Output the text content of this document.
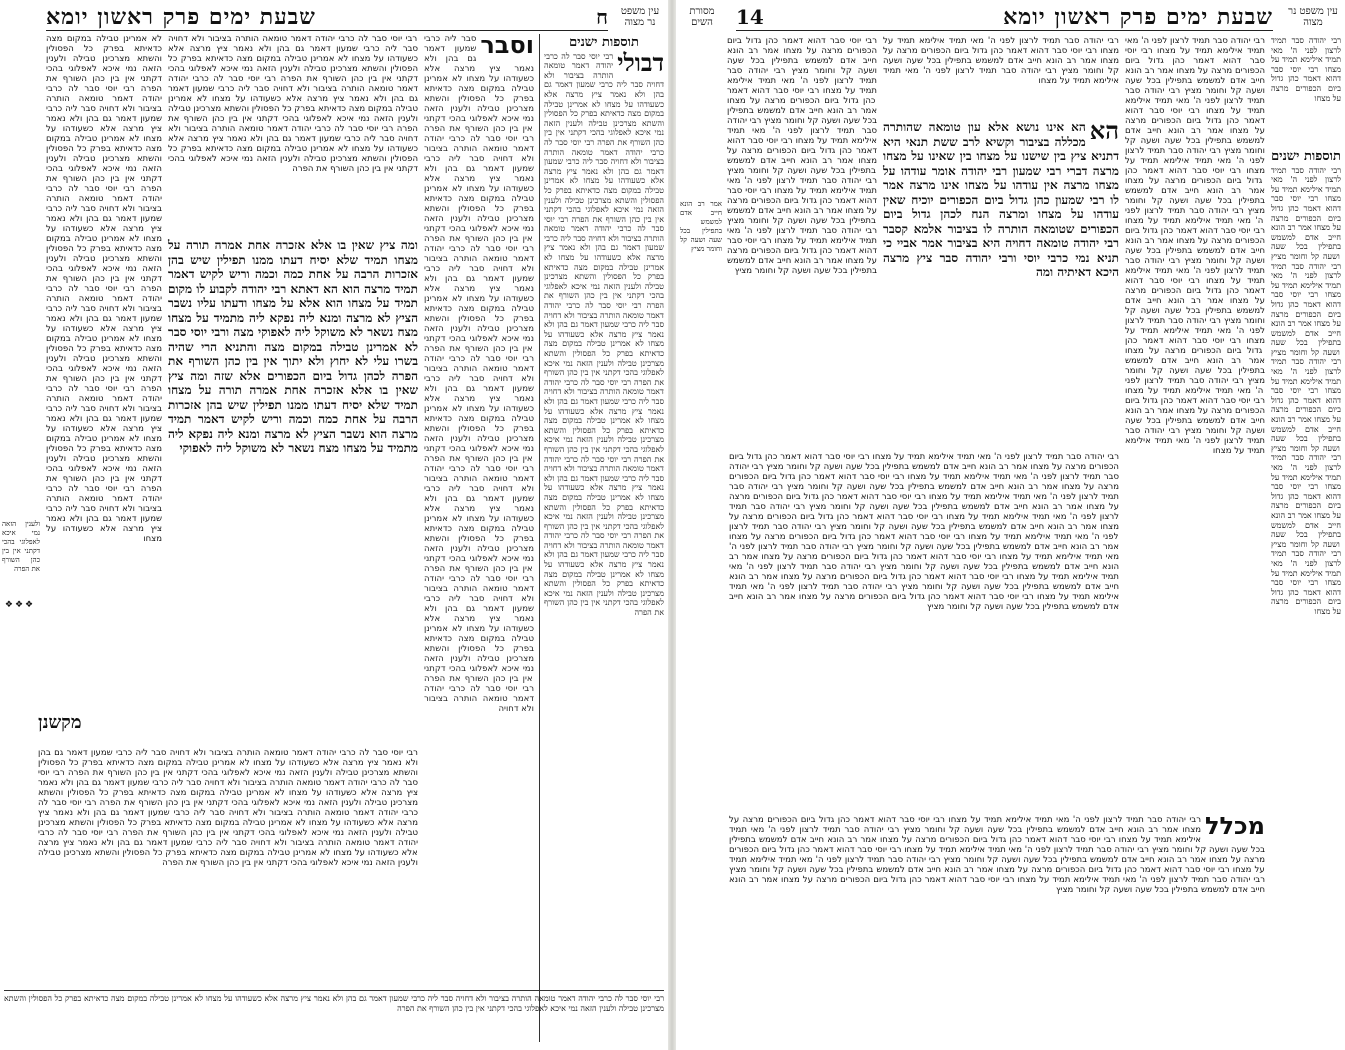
עין משפט נר מצוה
ח
שבעת ימים פרק ראשון יומא
תוספות ישנים
דבולי
רבי יוסי סבר לה כרבי יהודה דאמר טומאה הותרה בציבור ולא דחויה סבר ליה כרבי שמעון דאמר גם בהן ולא נאמר ציץ מרצה אלא כשעודהו על מצחו לא אמרינן טבילה במקום מצה כדאיתא בפרק כל הפסולין והשתא מצרכינן טבילה ולענין הזאה נמי איכא לאפלוגי בהכי דקתני אין בין כהן השורף את הפרה רבי יוסי סבר לה כרבי יהודה דאמר טומאה הותרה בציבור ולא דחויה סבר ליה כרבי שמעון דאמר גם בהן ולא נאמר ציץ מרצה אלא כשעודהו על מצחו לא אמרינן טבילה במקום מצה כדאיתא בפרק כל הפסולין והשתא מצרכינן טבילה ולענין הזאה נמי איכא לאפלוגי בהכי דקתני אין בין כהן השורף את הפרה רבי יוסי סבר לה כרבי יהודה דאמר טומאה הותרה בציבור ולא דחויה סבר ליה כרבי שמעון דאמר גם בהן ולא נאמר ציץ מרצה אלא כשעודהו על מצחו לא אמרינן טבילה במקום מצה כדאיתא בפרק כל הפסולין והשתא מצרכינן טבילה ולענין הזאה נמי איכא לאפלוגי בהכי דקתני אין בין כהן השורף את הפרה רבי יוסי סבר לה כרבי יהודה דאמר טומאה הותרה בציבור ולא דחויה סבר ליה כרבי שמעון דאמר גם בהן ולא נאמר ציץ מרצה אלא כשעודהו על מצחו לא אמרינן טבילה במקום מצה כדאיתא בפרק כל הפסולין והשתא מצרכינן טבילה ולענין הזאה נמי איכא לאפלוגי בהכי דקתני אין בין כהן השורף את הפרה רבי יוסי סבר לה כרבי יהודה דאמר טומאה הותרה בציבור ולא דחויה סבר ליה כרבי שמעון דאמר גם בהן ולא נאמר ציץ מרצה אלא כשעודהו על מצחו לא אמרינן טבילה במקום מצה כדאיתא בפרק כל הפסולין והשתא מצרכינן טבילה ולענין הזאה נמי איכא לאפלוגי בהכי דקתני אין בין כהן השורף את הפרה רבי יוסי סבר לה כרבי יהודה דאמר טומאה הותרה בציבור ולא דחויה סבר ליה כרבי שמעון דאמר גם בהן ולא נאמר ציץ מרצה אלא כשעודהו על מצחו לא אמרינן טבילה במקום מצה כדאיתא בפרק כל הפסולין והשתא מצרכינן טבילה ולענין הזאה נמי איכא לאפלוגי בהכי דקתני אין בין כהן השורף את הפרה רבי יוסי סבר לה כרבי יהודה דאמר טומאה הותרה בציבור ולא דחויה סבר ליה כרבי שמעון דאמר גם בהן ולא נאמר ציץ מרצה אלא כשעודהו על מצחו לא אמרינן טבילה במקום מצה כדאיתא בפרק כל הפסולין והשתא מצרכינן טבילה ולענין הזאה נמי איכא לאפלוגי בהכי דקתני אין בין כהן השורף את הפרה
וסבר
סבר ליה כרבי שמעון דאמר גם בהן ולא נאמר ציץ מרצה אלא כשעודהו על מצחו לא אמרינן טבילה במקום מצה כדאיתא בפרק כל הפסולין והשתא מצרכינן טבילה ולענין הזאה נמי איכא לאפלוגי בהכי דקתני אין בין כהן השורף את הפרה רבי יוסי סבר לה כרבי יהודה דאמר טומאה הותרה בציבור ולא דחויה סבר ליה כרבי שמעון דאמר גם בהן ולא נאמר ציץ מרצה אלא כשעודהו על מצחו לא אמרינן טבילה במקום מצה כדאיתא בפרק כל הפסולין והשתא מצרכינן טבילה ולענין הזאה נמי איכא לאפלוגי בהכי דקתני אין בין כהן השורף את הפרה רבי יוסי סבר לה כרבי יהודה דאמר טומאה הותרה בציבור ולא דחויה סבר ליה כרבי שמעון דאמר גם בהן ולא נאמר ציץ מרצה אלא כשעודהו על מצחו לא אמרינן טבילה במקום מצה כדאיתא בפרק כל הפסולין והשתא מצרכינן טבילה ולענין הזאה נמי איכא לאפלוגי בהכי דקתני אין בין כהן השורף את הפרה רבי יוסי סבר לה כרבי יהודה דאמר טומאה הותרה בציבור ולא דחויה סבר ליה כרבי שמעון דאמר גם בהן ולא נאמר ציץ מרצה אלא כשעודהו על מצחו לא אמרינן טבילה במקום מצה כדאיתא בפרק כל הפסולין והשתא מצרכינן טבילה ולענין הזאה נמי איכא לאפלוגי בהכי דקתני אין בין כהן השורף את הפרה רבי יוסי סבר לה כרבי יהודה דאמר טומאה הותרה בציבור ולא דחויה סבר ליה כרבי שמעון דאמר גם בהן ולא נאמר ציץ מרצה אלא כשעודהו על מצחו לא אמרינן טבילה במקום מצה כדאיתא בפרק כל הפסולין והשתא מצרכינן טבילה ולענין הזאה נמי איכא לאפלוגי בהכי דקתני אין בין כהן השורף את הפרה רבי יוסי סבר לה כרבי יהודה דאמר טומאה הותרה בציבור ולא דחויה סבר ליה כרבי שמעון דאמר גם בהן ולא נאמר ציץ מרצה אלא כשעודהו על מצחו לא אמרינן טבילה במקום מצה כדאיתא בפרק כל הפסולין והשתא מצרכינן טבילה ולענין הזאה נמי איכא לאפלוגי בהכי דקתני אין בין כהן השורף את הפרה רבי יוסי סבר לה כרבי יהודה דאמר טומאה הותרה בציבור ולא דחויה
ומה ציץ שאין בו אלא אזכרה אחת אמרה תורה על מצחו תמיד שלא יסיח דעתו ממנו תפילין שיש בהן אזכרות הרבה על אחת כמה וכמה וריש לקיש דאמר תמיד מרצה הוא הא דאתא רבי יהודה לקבוע לו מקום תמיד על מצחו הוא אלא על מצחו ודעתו עליו נשבר הציץ לא מרצה ומנא ליה נפקא ליה מתמיד על מצחו מצח נשאר לא משוקל ליה לאפוקי מצה ורבי יוסי סבר לא אמרינן טבילה במקום מצה והתניא הרי שהיה בשרו עלי לא יחוץ ולא יתוך אין בין כהן השורף את הפרה לכהן גדול ביום הכפורים אלא שזה ומה ציץ שאין בו אלא אזכרה אחת אמרה תורה על מצחו תמיד שלא יסיח דעתו ממנו תפילין שיש בהן אזכרות הרבה על אחת כמה וכמה וריש לקיש דאמר תמיד מרצה הוא נשבר הציץ לא מרצה ומנא ליה נפקא ליה מתמיד על מצחו מצח נשאר לא משוקל ליה לאפוקי
רבי יוסי סבר לה כרבי יהודה דאמר טומאה הותרה בציבור ולא דחויה סבר ליה כרבי שמעון דאמר גם בהן ולא נאמר ציץ מרצה אלא כשעודהו על מצחו לא אמרינן טבילה במקום מצה כדאיתא בפרק כל הפסולין והשתא מצרכינן טבילה ולענין הזאה נמי איכא לאפלוגי בהכי דקתני אין בין כהן השורף את הפרה רבי יוסי סבר לה כרבי יהודה דאמר טומאה הותרה בציבור ולא דחויה סבר ליה כרבי שמעון דאמר גם בהן ולא נאמר ציץ מרצה אלא כשעודהו על מצחו לא אמרינן טבילה במקום מצה כדאיתא בפרק כל הפסולין והשתא מצרכינן טבילה ולענין הזאה נמי איכא לאפלוגי בהכי דקתני אין בין כהן השורף את הפרה רבי יוסי סבר לה כרבי יהודה דאמר טומאה הותרה בציבור ולא דחויה סבר ליה כרבי שמעון דאמר גם בהן ולא נאמר ציץ מרצה אלא כשעודהו על מצחו לא אמרינן טבילה במקום מצה כדאיתא בפרק כל הפסולין והשתא מצרכינן טבילה ולענין הזאה נמי איכא לאפלוגי בהכי דקתני אין בין כהן השורף את הפרה
לא אמרינן טבילה במקום מצה כדאיתא בפרק כל הפסולין והשתא מצרכינן טבילה ולענין הזאה נמי איכא לאפלוגי בהכי דקתני אין בין כהן השורף את הפרה רבי יוסי סבר לה כרבי יהודה דאמר טומאה הותרה בציבור ולא דחויה סבר ליה כרבי שמעון דאמר גם בהן ולא נאמר ציץ מרצה אלא כשעודהו על מצחו לא אמרינן טבילה במקום מצה כדאיתא בפרק כל הפסולין והשתא מצרכינן טבילה ולענין הזאה נמי איכא לאפלוגי בהכי דקתני אין בין כהן השורף את הפרה רבי יוסי סבר לה כרבי יהודה דאמר טומאה הותרה בציבור ולא דחויה סבר ליה כרבי שמעון דאמר גם בהן ולא נאמר ציץ מרצה אלא כשעודהו על מצחו לא אמרינן טבילה במקום מצה כדאיתא בפרק כל הפסולין והשתא מצרכינן טבילה ולענין הזאה נמי איכא לאפלוגי בהכי דקתני אין בין כהן השורף את הפרה רבי יוסי סבר לה כרבי יהודה דאמר טומאה הותרה בציבור ולא דחויה סבר ליה כרבי שמעון דאמר גם בהן ולא נאמר ציץ מרצה אלא כשעודהו על מצחו לא אמרינן טבילה במקום מצה כדאיתא בפרק כל הפסולין והשתא מצרכינן טבילה ולענין הזאה נמי איכא לאפלוגי בהכי דקתני אין בין כהן השורף את הפרה רבי יוסי סבר לה כרבי יהודה דאמר טומאה הותרה בציבור ולא דחויה סבר ליה כרבי שמעון דאמר גם בהן ולא נאמר ציץ מרצה אלא כשעודהו על מצחו לא אמרינן טבילה במקום מצה כדאיתא בפרק כל הפסולין והשתא מצרכינן טבילה ולענין הזאה נמי איכא לאפלוגי בהכי דקתני אין בין כהן השורף את הפרה רבי יוסי סבר לה כרבי יהודה דאמר טומאה הותרה בציבור ולא דחויה סבר ליה כרבי שמעון דאמר גם בהן ולא נאמר ציץ מרצה אלא כשעודהו על מצחו
ולענין הזאה נמי איכא לאפלוגי בהכי דקתני אין בין כהן השורף את הפרה
❖❖❖
מקשנן
רבי יוסי סבר לה כרבי יהודה דאמר טומאה הותרה בציבור ולא דחויה סבר ליה כרבי שמעון דאמר גם בהן ולא נאמר ציץ מרצה אלא כשעודהו על מצחו לא אמרינן טבילה במקום מצה כדאיתא בפרק כל הפסולין והשתא מצרכינן טבילה ולענין הזאה נמי איכא לאפלוגי בהכי דקתני אין בין כהן השורף את הפרה רבי יוסי סבר לה כרבי יהודה דאמר טומאה הותרה בציבור ולא דחויה סבר ליה כרבי שמעון דאמר גם בהן ולא נאמר ציץ מרצה אלא כשעודהו על מצחו לא אמרינן טבילה במקום מצה כדאיתא בפרק כל הפסולין והשתא מצרכינן טבילה ולענין הזאה נמי איכא לאפלוגי בהכי דקתני אין בין כהן השורף את הפרה רבי יוסי סבר לה כרבי יהודה דאמר טומאה הותרה בציבור ולא דחויה סבר ליה כרבי שמעון דאמר גם בהן ולא נאמר ציץ מרצה אלא כשעודהו על מצחו לא אמרינן טבילה במקום מצה כדאיתא בפרק כל הפסולין והשתא מצרכינן טבילה ולענין הזאה נמי איכא לאפלוגי בהכי דקתני אין בין כהן השורף את הפרה רבי יוסי סבר לה כרבי יהודה דאמר טומאה הותרה בציבור ולא דחויה סבר ליה כרבי שמעון דאמר גם בהן ולא נאמר ציץ מרצה אלא כשעודהו על מצחו לא אמרינן טבילה במקום מצה כדאיתא בפרק כל הפסולין והשתא מצרכינן טבילה ולענין הזאה נמי איכא לאפלוגי בהכי דקתני אין בין כהן השורף את הפרה
רבי יוסי סבר לה כרבי יהודה דאמר טומאה הותרה בציבור ולא דחויה סבר ליה כרבי שמעון דאמר גם בהן ולא נאמר ציץ מרצה אלא כשעודהו על מצחו לא אמרינן טבילה במקום מצה כדאיתא בפרק כל הפסולין והשתא מצרכינן טבילה ולענין הזאה נמי איכא לאפלוגי בהכי דקתני אין בין כהן השורף את הפרה
עין משפט נר מצוה
מסורת השים	שבעת ימים פרק ראשון יומא
14
רבי יהודה סבר תמיד לרצון לפני ה' מאי תמיד אילימא תמיד על מצחו רבי יוסי סבר דהוא דאמר כהן גדול ביום הכפורים מרצה על מצחו
תוספות ישנים
רבי יהודה סבר תמיד לרצון לפני ה' מאי תמיד אילימא תמיד על מצחו רבי יוסי סבר דהוא דאמר כהן גדול ביום הכפורים מרצה על מצחו אמר רב הונא חייב אדם למשמש בתפילין בכל שעה ושעה קל וחומר מציץ רבי יהודה סבר תמיד לרצון לפני ה' מאי תמיד אילימא תמיד על מצחו רבי יוסי סבר דהוא דאמר כהן גדול ביום הכפורים מרצה על מצחו אמר רב הונא חייב אדם למשמש בתפילין בכל שעה ושעה קל וחומר מציץ רבי יהודה סבר תמיד לרצון לפני ה' מאי תמיד אילימא תמיד על מצחו רבי יוסי סבר דהוא דאמר כהן גדול ביום הכפורים מרצה על מצחו אמר רב הונא חייב אדם למשמש בתפילין בכל שעה ושעה קל וחומר מציץ רבי יהודה סבר תמיד לרצון לפני ה' מאי תמיד אילימא תמיד על מצחו רבי יוסי סבר דהוא דאמר כהן גדול ביום הכפורים מרצה על מצחו אמר רב הונא חייב אדם למשמש בתפילין בכל שעה ושעה קל וחומר מציץ רבי יהודה סבר תמיד לרצון לפני ה' מאי תמיד אילימא תמיד על מצחו רבי יוסי סבר דהוא דאמר כהן גדול ביום הכפורים מרצה על מצחו
רבי יהודה סבר תמיד לרצון לפני ה' מאי תמיד אילימא תמיד על מצחו רבי יוסי סבר דהוא דאמר כהן גדול ביום הכפורים מרצה על מצחו אמר רב הונא חייב אדם למשמש בתפילין בכל שעה ושעה קל וחומר מציץ רבי יהודה סבר תמיד לרצון לפני ה' מאי תמיד אילימא תמיד על מצחו רבי יוסי סבר דהוא דאמר כהן גדול ביום הכפורים מרצה על מצחו אמר רב הונא חייב אדם למשמש בתפילין בכל שעה ושעה קל וחומר מציץ רבי יהודה סבר תמיד לרצון לפני ה' מאי תמיד אילימא תמיד על מצחו רבי יוסי סבר דהוא דאמר כהן גדול ביום הכפורים מרצה על מצחו אמר רב הונא חייב אדם למשמש בתפילין בכל שעה ושעה קל וחומר מציץ רבי יהודה סבר תמיד לרצון לפני ה' מאי תמיד אילימא תמיד על מצחו רבי יוסי סבר דהוא דאמר כהן גדול ביום הכפורים מרצה על מצחו אמר רב הונא חייב אדם למשמש בתפילין בכל שעה ושעה קל וחומר מציץ רבי יהודה סבר תמיד לרצון לפני ה' מאי תמיד אילימא תמיד על מצחו רבי יוסי סבר דהוא דאמר כהן גדול ביום הכפורים מרצה על מצחו אמר רב הונא חייב אדם למשמש בתפילין בכל שעה ושעה קל וחומר מציץ רבי יהודה סבר תמיד לרצון לפני ה' מאי תמיד אילימא תמיד על מצחו רבי יוסי סבר דהוא דאמר כהן גדול ביום הכפורים מרצה על מצחו אמר רב הונא חייב אדם למשמש בתפילין בכל שעה ושעה קל וחומר מציץ רבי יהודה סבר תמיד לרצון לפני ה' מאי תמיד אילימא תמיד על מצחו רבי יוסי סבר דהוא דאמר כהן גדול ביום הכפורים מרצה על מצחו אמר רב הונא חייב אדם למשמש בתפילין בכל שעה ושעה קל וחומר מציץ רבי יהודה סבר תמיד לרצון לפני ה' מאי תמיד אילימא תמיד על מצחו
הא
הא אינו נושא אלא עון טומאה שהותרה מכללה בציבור וקשיא לרב ששת תנאי היא דתניא ציץ בין שישנו על מצחו בין שאינו על מצחו מרצה דברי רבי שמעון רבי יהודה אומר עודהו על מצחו מרצה אין עודהו על מצחו אינו מרצה אמר לו רבי שמעון כהן גדול ביום הכפורים יוכיח שאין עודהו על מצחו ומרצה הנח לכהן גדול ביום הכפורים שטומאה הותרה לו בציבור אלמא קסבר רבי יהודה טומאה דחויה היא בציבור אמר אביי כי תניא נמי כרבי יוסי ורבי יהודה סבר ציץ מרצה היכא דאיתיה ומה
רבי יהודה סבר תמיד לרצון לפני ה' מאי תמיד אילימא תמיד על מצחו רבי יוסי סבר דהוא דאמר כהן גדול ביום הכפורים מרצה על מצחו אמר רב הונא חייב אדם למשמש בתפילין בכל שעה ושעה קל וחומר מציץ רבי יהודה סבר תמיד לרצון לפני ה' מאי תמיד אילימא תמיד על מצחו
רבי יוסי סבר דהוא דאמר כהן גדול ביום הכפורים מרצה על מצחו אמר רב הונא חייב אדם למשמש בתפילין בכל שעה ושעה קל וחומר מציץ רבי יהודה סבר תמיד לרצון לפני ה' מאי תמיד אילימא תמיד על מצחו רבי יוסי סבר דהוא דאמר כהן גדול ביום הכפורים מרצה על מצחו אמר רב הונא חייב אדם למשמש בתפילין בכל שעה ושעה קל וחומר מציץ רבי יהודה סבר תמיד לרצון לפני ה' מאי תמיד אילימא תמיד על מצחו רבי יוסי סבר דהוא דאמר כהן גדול ביום הכפורים מרצה על מצחו אמר רב הונא חייב אדם למשמש בתפילין בכל שעה ושעה קל וחומר מציץ רבי יהודה סבר תמיד לרצון לפני ה' מאי תמיד אילימא תמיד על מצחו רבי יוסי סבר דהוא דאמר כהן גדול ביום הכפורים מרצה על מצחו אמר רב הונא חייב אדם למשמש בתפילין בכל שעה ושעה קל וחומר מציץ רבי יהודה סבר תמיד לרצון לפני ה' מאי תמיד אילימא תמיד על מצחו רבי יוסי סבר דהוא דאמר כהן גדול ביום הכפורים מרצה על מצחו אמר רב הונא חייב אדם למשמש בתפילין בכל שעה ושעה קל וחומר מציץ
אמר רב הונא חייב אדם למשמש בתפילין בכל שעה ושעה קל וחומר מציץ
רבי יהודה סבר תמיד לרצון לפני ה' מאי תמיד אילימא תמיד על מצחו רבי יוסי סבר דהוא דאמר כהן גדול ביום הכפורים מרצה על מצחו אמר רב הונא חייב אדם למשמש בתפילין בכל שעה ושעה קל וחומר מציץ רבי יהודה סבר תמיד לרצון לפני ה' מאי תמיד אילימא תמיד על מצחו רבי יוסי סבר דהוא דאמר כהן גדול ביום הכפורים מרצה על מצחו אמר רב הונא חייב אדם למשמש בתפילין בכל שעה ושעה קל וחומר מציץ רבי יהודה סבר תמיד לרצון לפני ה' מאי תמיד אילימא תמיד על מצחו רבי יוסי סבר דהוא דאמר כהן גדול ביום הכפורים מרצה על מצחו אמר רב הונא חייב אדם למשמש בתפילין בכל שעה ושעה קל וחומר מציץ רבי יהודה סבר תמיד לרצון לפני ה' מאי תמיד אילימא תמיד על מצחו רבי יוסי סבר דהוא דאמר כהן גדול ביום הכפורים מרצה על מצחו אמר רב הונא חייב אדם למשמש בתפילין בכל שעה ושעה קל וחומר מציץ רבי יהודה סבר תמיד לרצון לפני ה' מאי תמיד אילימא תמיד על מצחו רבי יוסי סבר דהוא דאמר כהן גדול ביום הכפורים מרצה על מצחו אמר רב הונא חייב אדם למשמש בתפילין בכל שעה ושעה קל וחומר מציץ רבי יהודה סבר תמיד לרצון לפני ה' מאי תמיד אילימא תמיד על מצחו רבי יוסי סבר דהוא דאמר כהן גדול ביום הכפורים מרצה על מצחו אמר רב הונא חייב אדם למשמש בתפילין בכל שעה ושעה קל וחומר מציץ רבי יהודה סבר תמיד לרצון לפני ה' מאי תמיד אילימא תמיד על מצחו רבי יוסי סבר דהוא דאמר כהן גדול ביום הכפורים מרצה על מצחו אמר רב הונא חייב אדם למשמש בתפילין בכל שעה ושעה קל וחומר מציץ רבי יהודה סבר תמיד לרצון לפני ה' מאי תמיד אילימא תמיד על מצחו רבי יוסי סבר דהוא דאמר כהן גדול ביום הכפורים מרצה על מצחו אמר רב הונא חייב אדם למשמש בתפילין בכל שעה ושעה קל וחומר מציץ
מכלל
רבי יהודה סבר תמיד לרצון לפני ה' מאי תמיד אילימא תמיד על מצחו רבי יוסי סבר דהוא דאמר כהן גדול ביום הכפורים מרצה על מצחו אמר רב הונא חייב אדם למשמש בתפילין בכל שעה ושעה קל וחומר מציץ רבי יהודה סבר תמיד לרצון לפני ה' מאי תמיד אילימא תמיד על מצחו רבי יוסי סבר דהוא דאמר כהן גדול ביום הכפורים מרצה על מצחו אמר רב הונא חייב אדם למשמש בתפילין בכל שעה ושעה קל וחומר מציץ רבי יהודה סבר תמיד לרצון לפני ה' מאי תמיד אילימא תמיד על מצחו רבי יוסי סבר דהוא דאמר כהן גדול ביום הכפורים מרצה על מצחו אמר רב הונא חייב אדם למשמש בתפילין בכל שעה ושעה קל וחומר מציץ רבי יהודה סבר תמיד לרצון לפני ה' מאי תמיד אילימא תמיד על מצחו רבי יוסי סבר דהוא דאמר כהן גדול ביום הכפורים מרצה על מצחו אמר רב הונא חייב אדם למשמש בתפילין בכל שעה ושעה קל וחומר מציץ רבי יהודה סבר תמיד לרצון לפני ה' מאי תמיד אילימא תמיד על מצחו רבי יוסי סבר דהוא דאמר כהן גדול ביום הכפורים מרצה על מצחו אמר רב הונא חייב אדם למשמש בתפילין בכל שעה ושעה קל וחומר מציץ
